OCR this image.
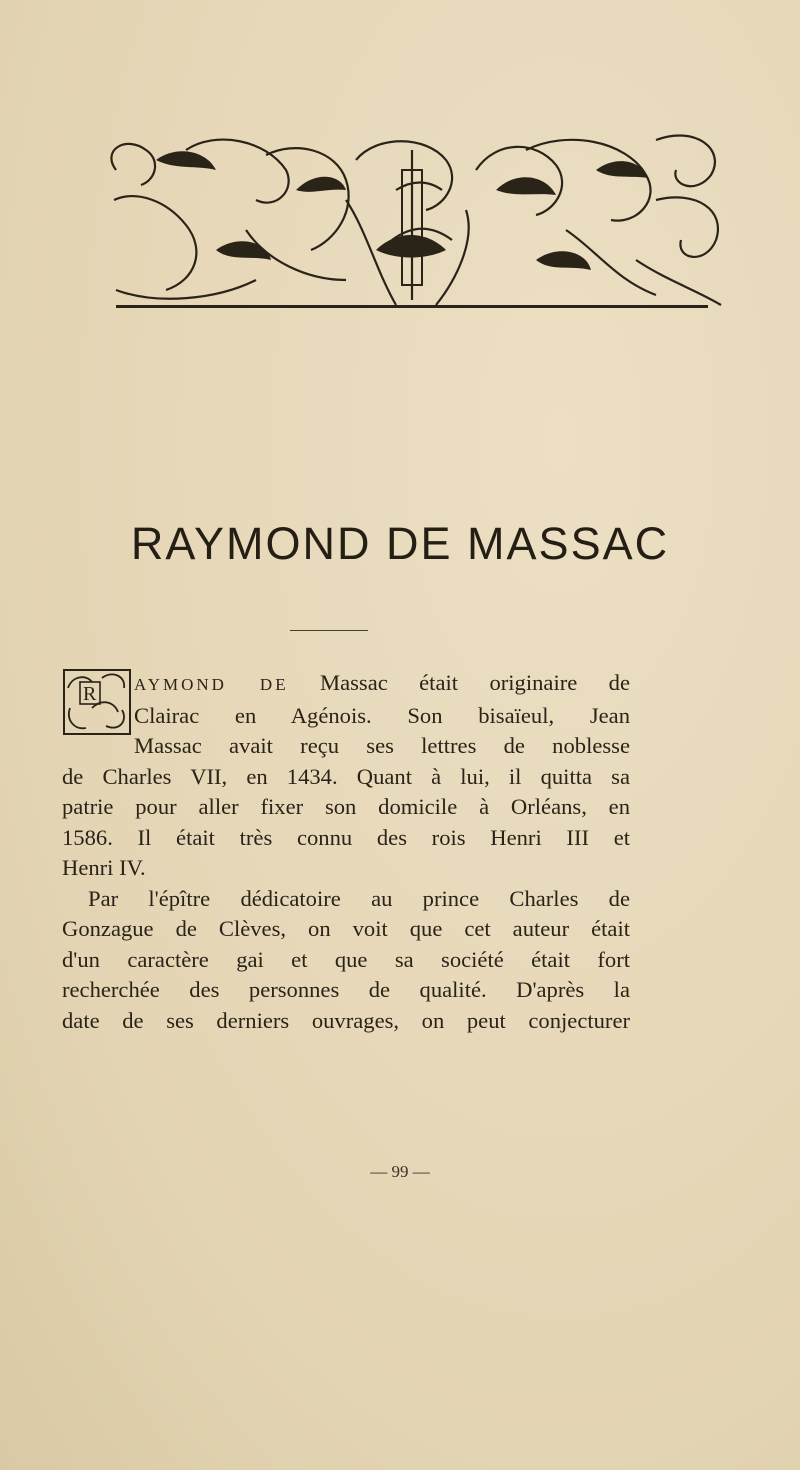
RAYMOND DE MASSAC
R	AYMOND DE Massac était originaire de
Clairac en Agénois. Son bisaïeul, Jean
Massac avait reçu ses lettres de noblesse
de Charles VII, en 1434. Quant à lui, il quitta sa
patrie pour aller fixer son domicile à Orléans, en
1586. Il était très connu des rois Henri III et
Henri IV.

Par l'épître dédicatoire au prince Charles de
Gonzague de Clèves, on voit que cet auteur était
d'un caractère gai et que sa société était fort
recherchée des personnes de qualité. D'après la
date de ses derniers ouvrages, on peut conjecturer

— 99 —
